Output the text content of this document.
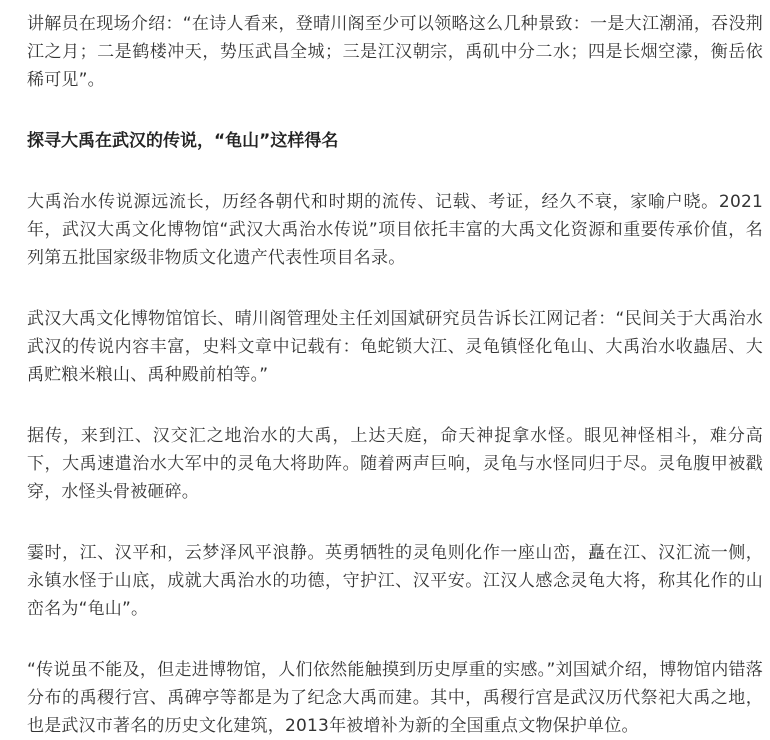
讲解员在现场介绍：“在诗人看来，登晴川阁至少可以领略这么几种景致：一是大江潮涌，吞没荆江之月；二是鹤楼冲天，势压武昌全城；三是江汉朝宗，禹矶中分二水；四是长烟空濛，衡岳依稀可见”。

探寻大禹在武汉的传说，“龟山”这样得名

大禹治水传说源远流长，历经各朝代和时期的流传、记载、考证，经久不衰，家喻户晓。2021年，武汉大禹文化博物馆“武汉大禹治水传说”项目依托丰富的大禹文化资源和重要传承价值，名列第五批国家级非物质文化遗产代表性项目名录。

武汉大禹文化博物馆馆长、晴川阁管理处主任刘国斌研究员告诉长江网记者：“民间关于大禹治水武汉的传说内容丰富，史料文章中记载有：龟蛇锁大江、灵龟镇怪化龟山、大禹治水收蟲居、大禹贮粮米粮山、禹种殿前柏等。”

据传，来到江、汉交汇之地治水的大禹，上达天庭，命天神捉拿水怪。眼见神怪相斗，难分高下，大禹速遣治水大军中的灵龟大将助阵。随着两声巨响，灵龟与水怪同归于尽。灵龟腹甲被戳穿，水怪头骨被砸碎。

霎时，江、汉平和，云梦泽风平浪静。英勇牺牲的灵龟则化作一座山峦，矗在江、汉汇流一侧，永镇水怪于山底，成就大禹治水的功德，守护江、汉平安。江汉人感念灵龟大将，称其化作的山峦名为“龟山”。

“传说虽不能及，但走进博物馆，人们依然能触摸到历史厚重的实感。”刘国斌介绍，博物馆内错落分布的禹稷行宫、禹碑亭等都是为了纪念大禹而建。其中，禹稷行宫是武汉历代祭祀大禹之地，也是武汉市著名的历史文化建筑，2013年被增补为新的全国重点文物保护单位。
